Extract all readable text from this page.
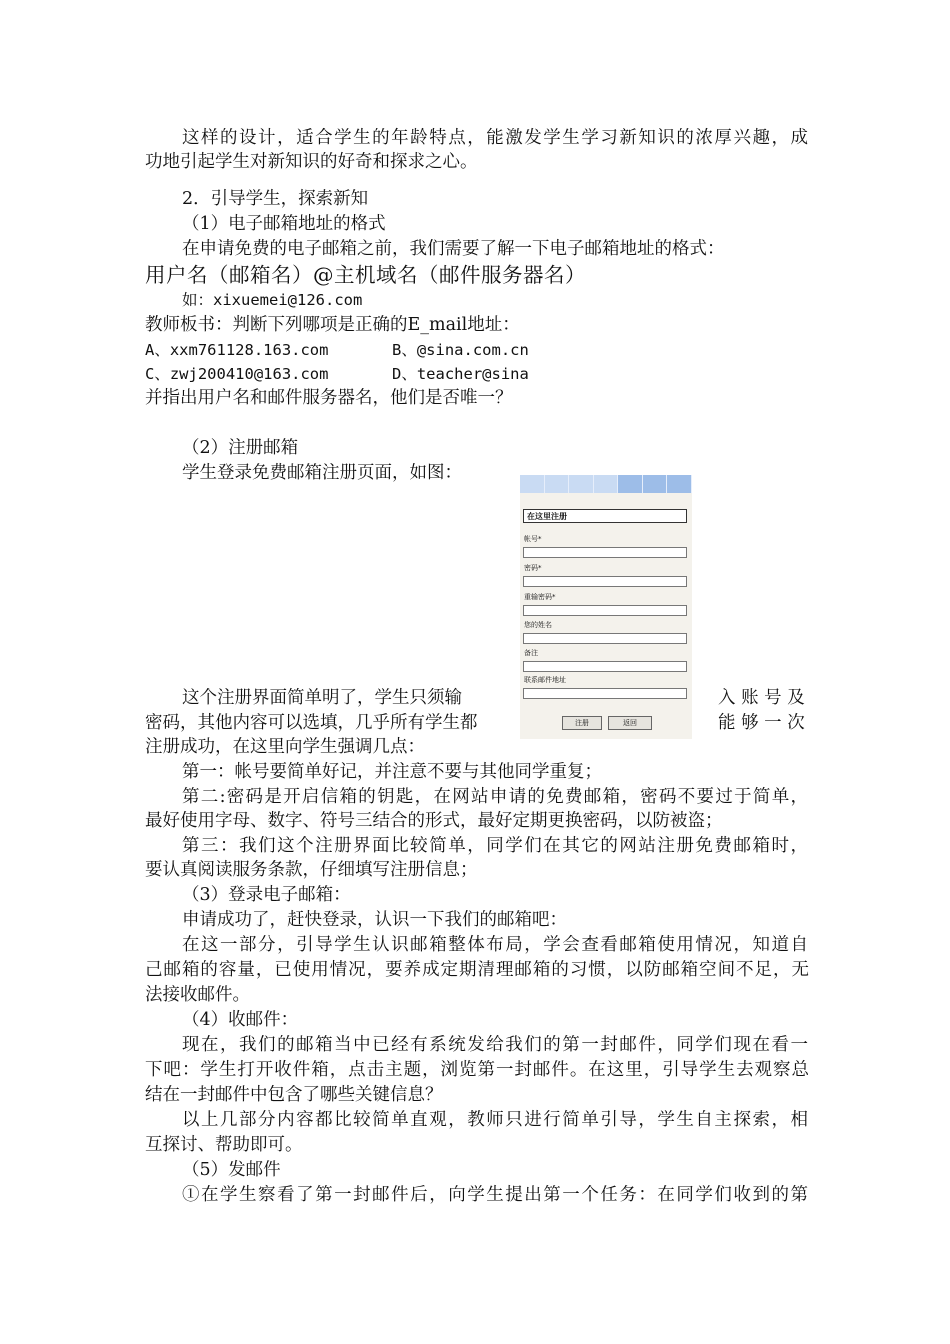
这样的设计，适合学生的年龄特点，能激发学生学习新知识的浓厚兴趣，成
功地引起学生对新知识的好奇和探求之心。
2．引导学生，探索新知
（1）电子邮箱地址的格式
在申请免费的电子邮箱之前，我们需要了解一下电子邮箱地址的格式：
用户名（邮箱名）@主机域名（邮件服务器名）
如：xixuemei@126.com
教师板书：判断下列哪项是正确的E_mail地址：
A、xxm761128.163.com	B、@sina.com.cn
C、zwj200410@163.com	D、teacher@sina
并指出用户名和邮件服务器名，他们是否唯一？
（2）注册邮箱
学生登录免费邮箱注册页面，如图：
在这里注册
帐号*
密码*
重输密码*
您的姓名
备注
联系邮件地址
注册	返回
这个注册界面简单明了，学生只须输	入 账 号 及
密码，其他内容可以选填，几乎所有学生都	能 够 一 次
注册成功，在这里向学生强调几点：
第一：帐号要简单好记，并注意不要与其他同学重复；
第二:密码是开启信箱的钥匙，在网站申请的免费邮箱，密码不要过于简单，
最好使用字母、数字、符号三结合的形式，最好定期更换密码，以防被盗；
第三：我们这个注册界面比较简单，同学们在其它的网站注册免费邮箱时，
要认真阅读服务条款，仔细填写注册信息；
（3）登录电子邮箱：
申请成功了，赶快登录，认识一下我们的邮箱吧：
在这一部分，引导学生认识邮箱整体布局，学会查看邮箱使用情况，知道自
己邮箱的容量，已使用情况，要养成定期清理邮箱的习惯，以防邮箱空间不足，无
法接收邮件。
（4）收邮件：
现在，我们的邮箱当中已经有系统发给我们的第一封邮件，同学们现在看一
下吧：学生打开收件箱，点击主题，浏览第一封邮件。在这里，引导学生去观察总
结在一封邮件中包含了哪些关键信息？
以上几部分内容都比较简单直观，教师只进行简单引导，学生自主探索，相
互探讨、帮助即可。
（5）发邮件
①在学生察看了第一封邮件后，向学生提出第一个任务：在同学们收到的第
